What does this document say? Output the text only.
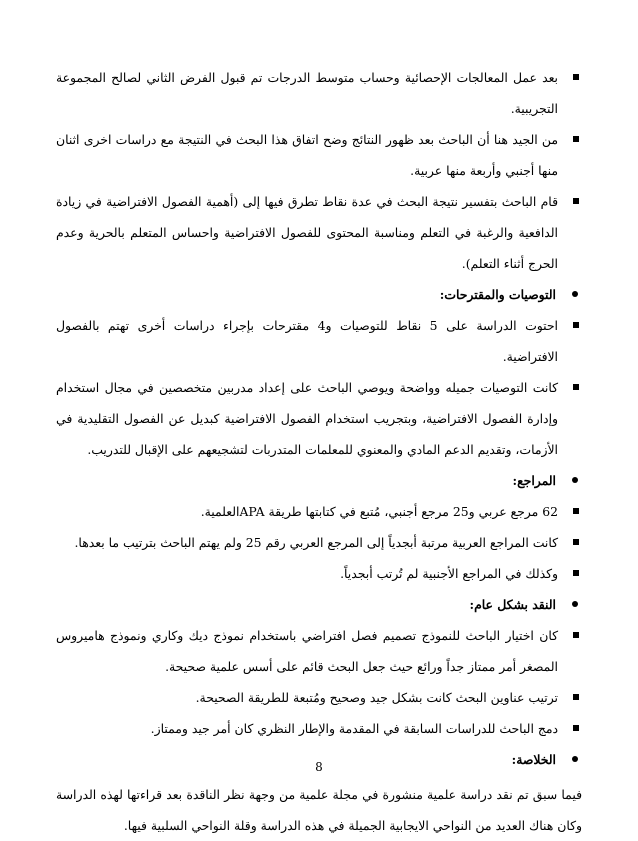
بعد عمل المعالجات الإحصائية وحساب متوسط الدرجات تم قبول الفرض الثاني لصالح المجموعة التجريبية.
من الجيد هنا أن الباحث بعد ظهور النتائج وضح اتفاق هذا البحث في النتيجة مع دراسات اخرى اثنان منها أجنبي وأربعة منها عربية.
قام الباحث بتفسير نتيجة البحث في عدة نقاط تطرق فيها إلى (أهمية الفصول الافتراضية في زيادة الدافعية والرغبة في التعلم ومناسبة المحتوى للفصول الافتراضية واحساس المتعلم بالحرية وعدم الحرج أثناء التعلم).
التوصيات والمقترحات:
احتوت الدراسة على 5 نقاط للتوصيات و4 مقترحات بإجراء دراسات أخرى تهتم بالفصول الافتراضية.
كانت التوصيات جميله وواضحة ويوصي الباحث على إعداد مدربين متخصصين في مجال استخدام وإدارة الفصول الافتراضية، وبتجريب استخدام الفصول الافتراضية كبديل عن الفصول التقليدية في الأزمات، وتقديم الدعم المادي والمعنوي للمعلمات المتدربات لتشجيعهم على الإقبال للتدريب.
المراجع:
62 مرجع عربي و25 مرجع أجنبي، مُتبع في كتابتها طريقة APAالعلمية.
كانت المراجع العربية مرتبة أبجدياً إلى المرجع العربي رقم 25 ولم يهتم الباحث بترتيب ما بعدها.
وكذلك في المراجع الأجنبية لم تُرتب أبجدياً.
النقد بشكل عام:
كان اختيار الباحث للنموذج تصميم فصل افتراضي باستخدام نموذج ديك وكاري ونموذج هاميروس المصغر أمر ممتاز جداً ورائع حيث جعل البحث قائم على أسس علمية صحيحة.
ترتيب عناوين البحث كانت بشكل جيد وصحيح ومُتبعة للطريقة الصحيحة.
دمج الباحث للدراسات السابقة في المقدمة والإطار النظري كان أمر جيد وممتاز.
الخلاصة:
فيما سبق تم نقد دراسة علمية منشورة في مجلة علمية من وجهة نظر الناقدة بعد قراءتها لهذه الدراسة وكان هناك العديد من النواحي الايجابية الجميلة في هذه الدراسة وقلة النواحي السلبية فيها.
8
